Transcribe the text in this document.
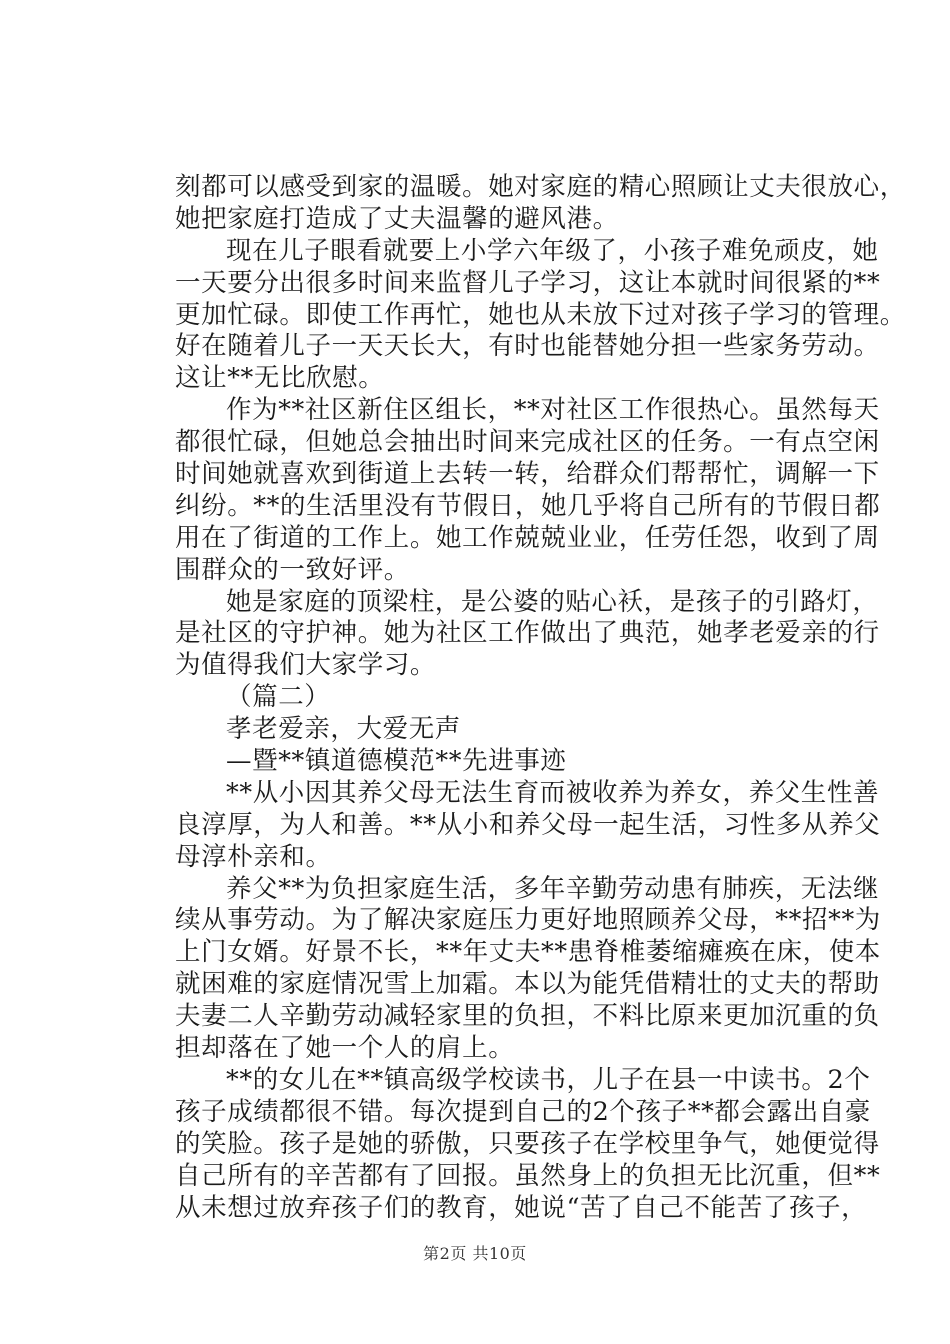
刻都可以感受到家的温暖。她对家庭的精心照顾让丈夫很放心，
她把家庭打造成了丈夫温馨的避风港。
现在儿子眼看就要上小学六年级了，小孩子难免顽皮，她
一天要分出很多时间来监督儿子学习，这让本就时间很紧的**
更加忙碌。即使工作再忙，她也从未放下过对孩子学习的管理。
好在随着儿子一天天长大，有时也能替她分担一些家务劳动。
这让**无比欣慰。
作为**社区新住区组长，**对社区工作很热心。虽然每天
都很忙碌，但她总会抽出时间来完成社区的任务。一有点空闲
时间她就喜欢到街道上去转一转，给群众们帮帮忙，调解一下
纠纷。**的生活里没有节假日，她几乎将自己所有的节假日都
用在了街道的工作上。她工作兢兢业业，任劳任怨，收到了周
围群众的一致好评。
她是家庭的顶梁柱，是公婆的贴心袄，是孩子的引路灯，
是社区的守护神。她为社区工作做出了典范，她孝老爱亲的行
为值得我们大家学习。
（篇二）
孝老爱亲，大爱无声
—暨**镇道德模范**先进事迹
**从小因其养父母无法生育而被收养为养女，养父生性善
良淳厚，为人和善。**从小和养父母一起生活，习性多从养父
母淳朴亲和。
养父**为负担家庭生活，多年辛勤劳动患有肺疾，无法继
续从事劳动。为了解决家庭压力更好地照顾养父母，**招**为
上门女婿。好景不长，**年丈夫**患脊椎萎缩瘫痪在床，使本
就困难的家庭情况雪上加霜。本以为能凭借精壮的丈夫的帮助
夫妻二人辛勤劳动减轻家里的负担，不料比原来更加沉重的负
担却落在了她一个人的肩上。
**的女儿在**镇高级学校读书，儿子在县一中读书。2个
孩子成绩都很不错。每次提到自己的2个孩子**都会露出自豪
的笑脸。孩子是她的骄傲，只要孩子在学校里争气，她便觉得
自己所有的辛苦都有了回报。虽然身上的负担无比沉重，但**
从未想过放弃孩子们的教育，她说“苦了自己不能苦了孩子，
第2页 共10页
